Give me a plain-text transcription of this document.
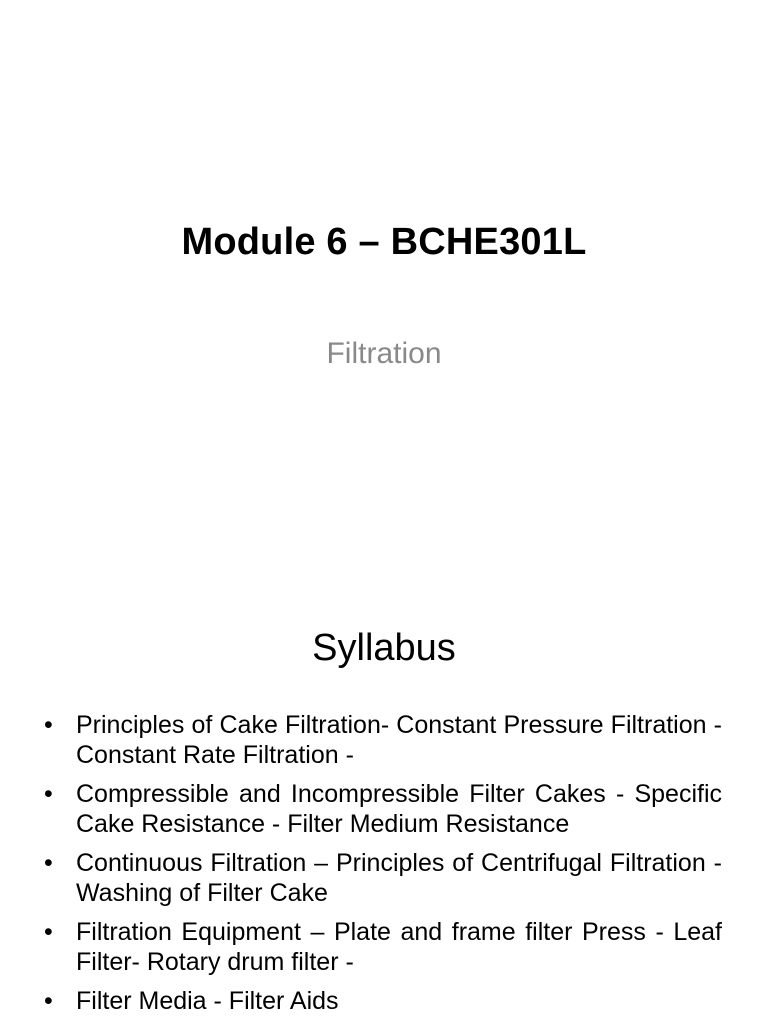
Module 6 – BCHE301L
Filtration
Syllabus
• Principles of Cake Filtration- Constant Pressure Filtration - Constant Rate Filtration -
• Compressible and Incompressible Filter Cakes - Specific Cake Resistance - Filter Medium Resistance
• Continuous Filtration – Principles of Centrifugal Filtration - Washing of Filter Cake
• Filtration Equipment – Plate and frame filter Press - Leaf Filter- Rotary drum filter -
• Filter Media - Filter Aids
